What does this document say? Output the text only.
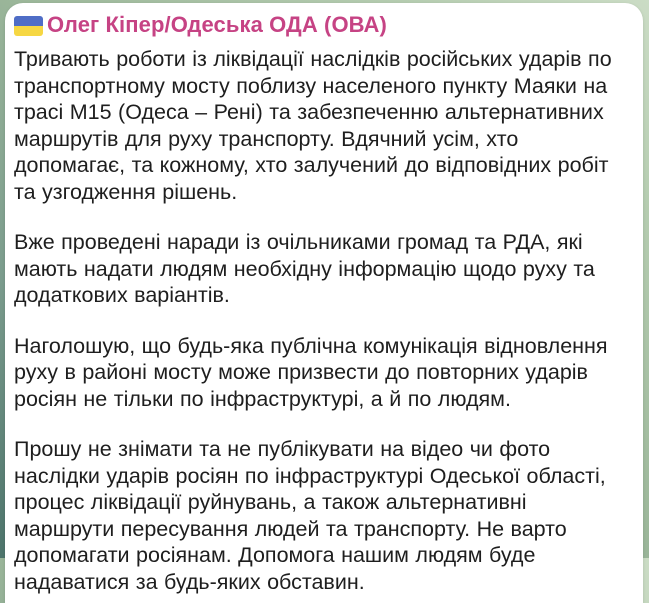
Олег Кіпер/Одеська ОДА (ОВА)

Тривають роботи із ліквідації наслідків російських ударів по транспортному мосту поблизу населеного пункту Маяки на трасі М15 (Одеса – Рені) та забезпеченню альтернативних маршрутів для руху транспорту. Вдячний усім, хто допомагає, та кожному, хто залучений до відповідних робіт та узгодження рішень.

Вже проведені наради із очільниками громад та РДА, які мають надати людям необхідну інформацію щодо руху та додаткових варіантів.

Наголошую, що будь-яка публічна комунікація відновлення руху в районі мосту може призвести до повторних ударів росіян не тільки по інфраструктурі, а й по людям.

Прошу не знімати та не публікувати на відео чи фото наслідки ударів росіян по інфраструктурі Одеської області, процес ліквідації руйнувань, а також альтернативні маршрути пересування людей та транспорту. Не варто допомагати росіянам. Допомога нашим людям буде надаватися за будь-яких обставин.
